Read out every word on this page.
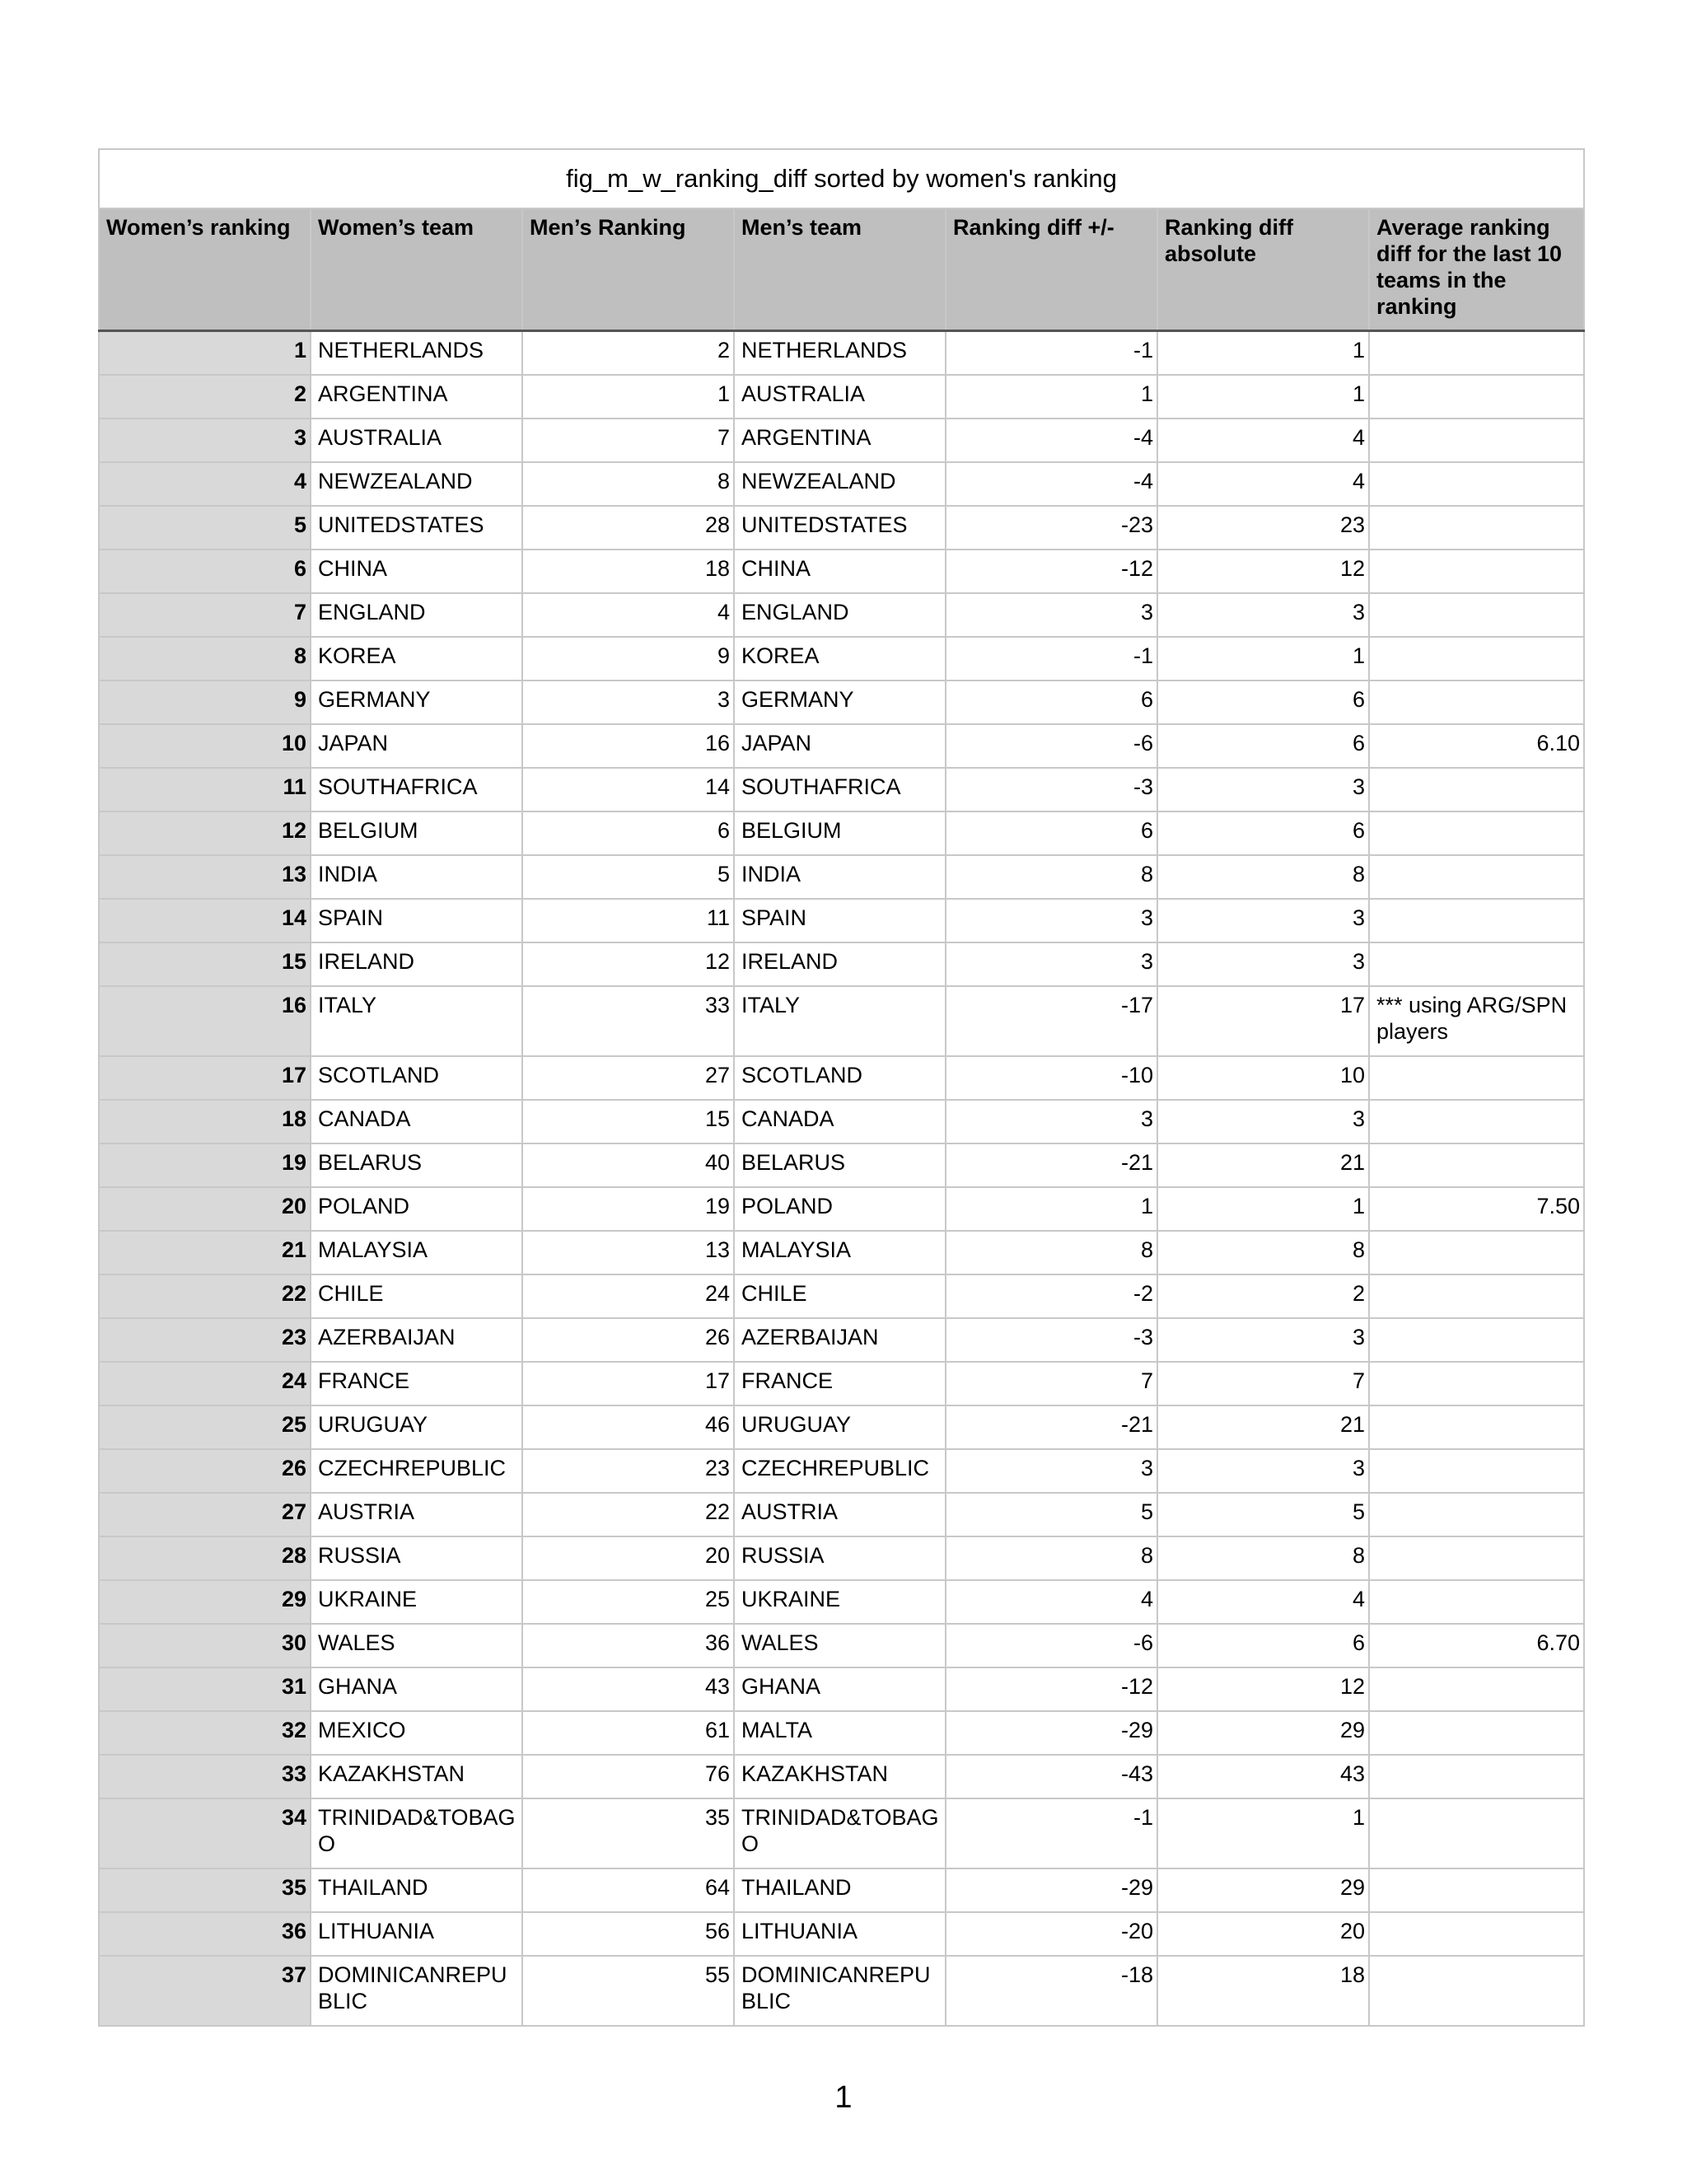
fig_m_w_ranking_diff sorted by women's ranking						
Women’s ranking	Women’s team	Men’s Ranking	Men’s team	Ranking diff +/-	Ranking diff absolute	Average ranking diff for the last 10 teams in the ranking
1	NETHERLANDS	2	NETHERLANDS	-1	1	
2	ARGENTINA	1	AUSTRALIA	1	1	
3	AUSTRALIA	7	ARGENTINA	-4	4	
4	NEWZEALAND	8	NEWZEALAND	-4	4	
5	UNITEDSTATES	28	UNITEDSTATES	-23	23	
6	CHINA	18	CHINA	-12	12	
7	ENGLAND	4	ENGLAND	3	3	
8	KOREA	9	KOREA	-1	1	
9	GERMANY	3	GERMANY	6	6	
10	JAPAN	16	JAPAN	-6	6	6.10
11	SOUTHAFRICA	14	SOUTHAFRICA	-3	3	
12	BELGIUM	6	BELGIUM	6	6	
13	INDIA	5	INDIA	8	8	
14	SPAIN	11	SPAIN	3	3	
15	IRELAND	12	IRELAND	3	3	
16	ITALY	33	ITALY	-17	17	*** using ARG/SPN players
17	SCOTLAND	27	SCOTLAND	-10	10	
18	CANADA	15	CANADA	3	3	
19	BELARUS	40	BELARUS	-21	21	
20	POLAND	19	POLAND	1	1	7.50
21	MALAYSIA	13	MALAYSIA	8	8	
22	CHILE	24	CHILE	-2	2	
23	AZERBAIJAN	26	AZERBAIJAN	-3	3	
24	FRANCE	17	FRANCE	7	7	
25	URUGUAY	46	URUGUAY	-21	21	
26	CZECHREPUBLIC	23	CZECHREPUBLIC	3	3	
27	AUSTRIA	22	AUSTRIA	5	5	
28	RUSSIA	20	RUSSIA	8	8	
29	UKRAINE	25	UKRAINE	4	4	
30	WALES	36	WALES	-6	6	6.70
31	GHANA	43	GHANA	-12	12	
32	MEXICO	61	MALTA	-29	29	
33	KAZAKHSTAN	76	KAZAKHSTAN	-43	43	
34	TRINIDAD&TOBAGO	35	TRINIDAD&TOBAGO	-1	1	
35	THAILAND	64	THAILAND	-29	29	
36	LITHUANIA	56	LITHUANIA	-20	20	
37	DOMINICANREPUBLIC	55	DOMINICANREPUBLIC	-18	18	
1
